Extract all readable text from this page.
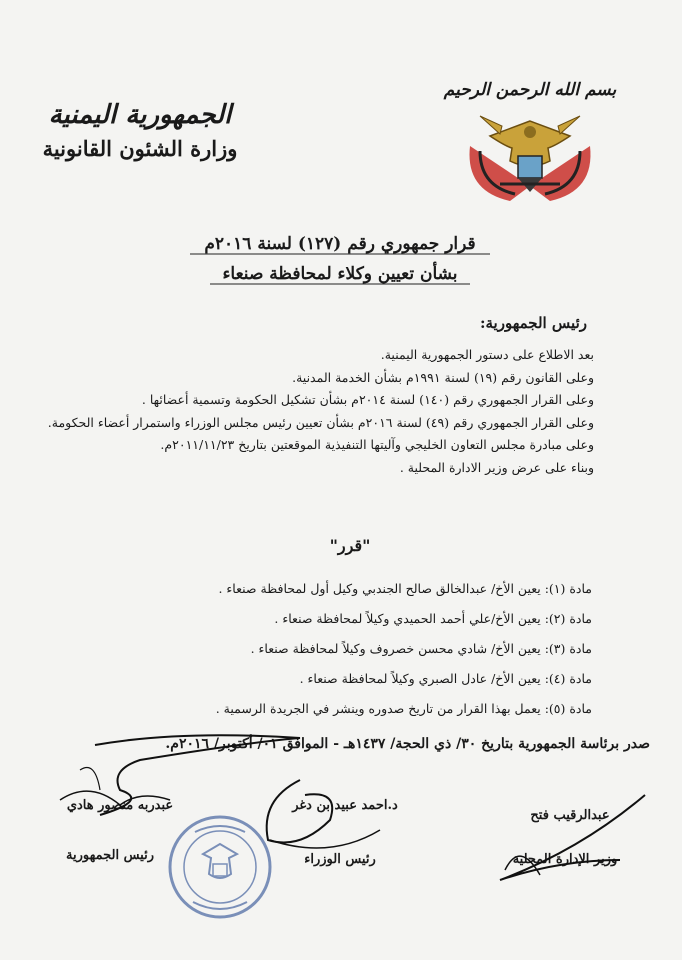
الجمهورية اليمنية
وزارة الشئون القانونية
بسم الله الرحمن الرحيم
قرار جمهوري رقم (١٢٧) لسنة ٢٠١٦م
بشأن تعيين وكلاء لمحافظة صنعاء
رئيس الجمهورية:
بعد الاطلاع على دستور الجمهورية اليمنية.
وعلى القانون رقم (١٩) لسنة ١٩٩١م بشأن الخدمة المدنية.
وعلى القرار الجمهوري رقم (١٤٠) لسنة ٢٠١٤م بشأن تشكيل الحكومة وتسمية أعضائها .
وعلى القرار الجمهوري رقم (٤٩) لسنة ٢٠١٦م بشأن تعيين رئيس مجلس الوزراء واستمرار أعضاء الحكومة.
وعلى مبادرة مجلس التعاون الخليجي وآليتها التنفيذية الموقعتين بتاريخ ٢٠١١/١١/٢٣م.
وبناء على عرض وزير الادارة المحلية .
"قرر"
مادة (١): يعين الأخ/ عبدالخالق صالح الجندبي وكيل أول لمحافظة صنعاء .
مادة (٢): يعين الأخ/علي أحمد الحميدي وكيلاً لمحافظة صنعاء .
مادة (٣): يعين الأخ/ شادي محسن خصروف وكيلاً لمحافظة صنعاء .
مادة (٤): يعين الأخ/ عادل الصبري وكيلاً لمحافظة صنعاء .
مادة (٥): يعمل بهذا القرار من تاريخ صدوره وينشر في الجريدة الرسمية .
صدر برئاسة الجمهورية بتاريخ ٣٠/ ذي الحجة/ ١٤٣٧هـ - الموافق ٠١/ أكتوبر/ ٢٠١٦م.
عبدربه منصور هادي
رئيس الجمهورية
د.احمد عبيد بن دغر
رئيس الوزراء
عبدالرقيب فتح
وزير الإدارة المحلية
